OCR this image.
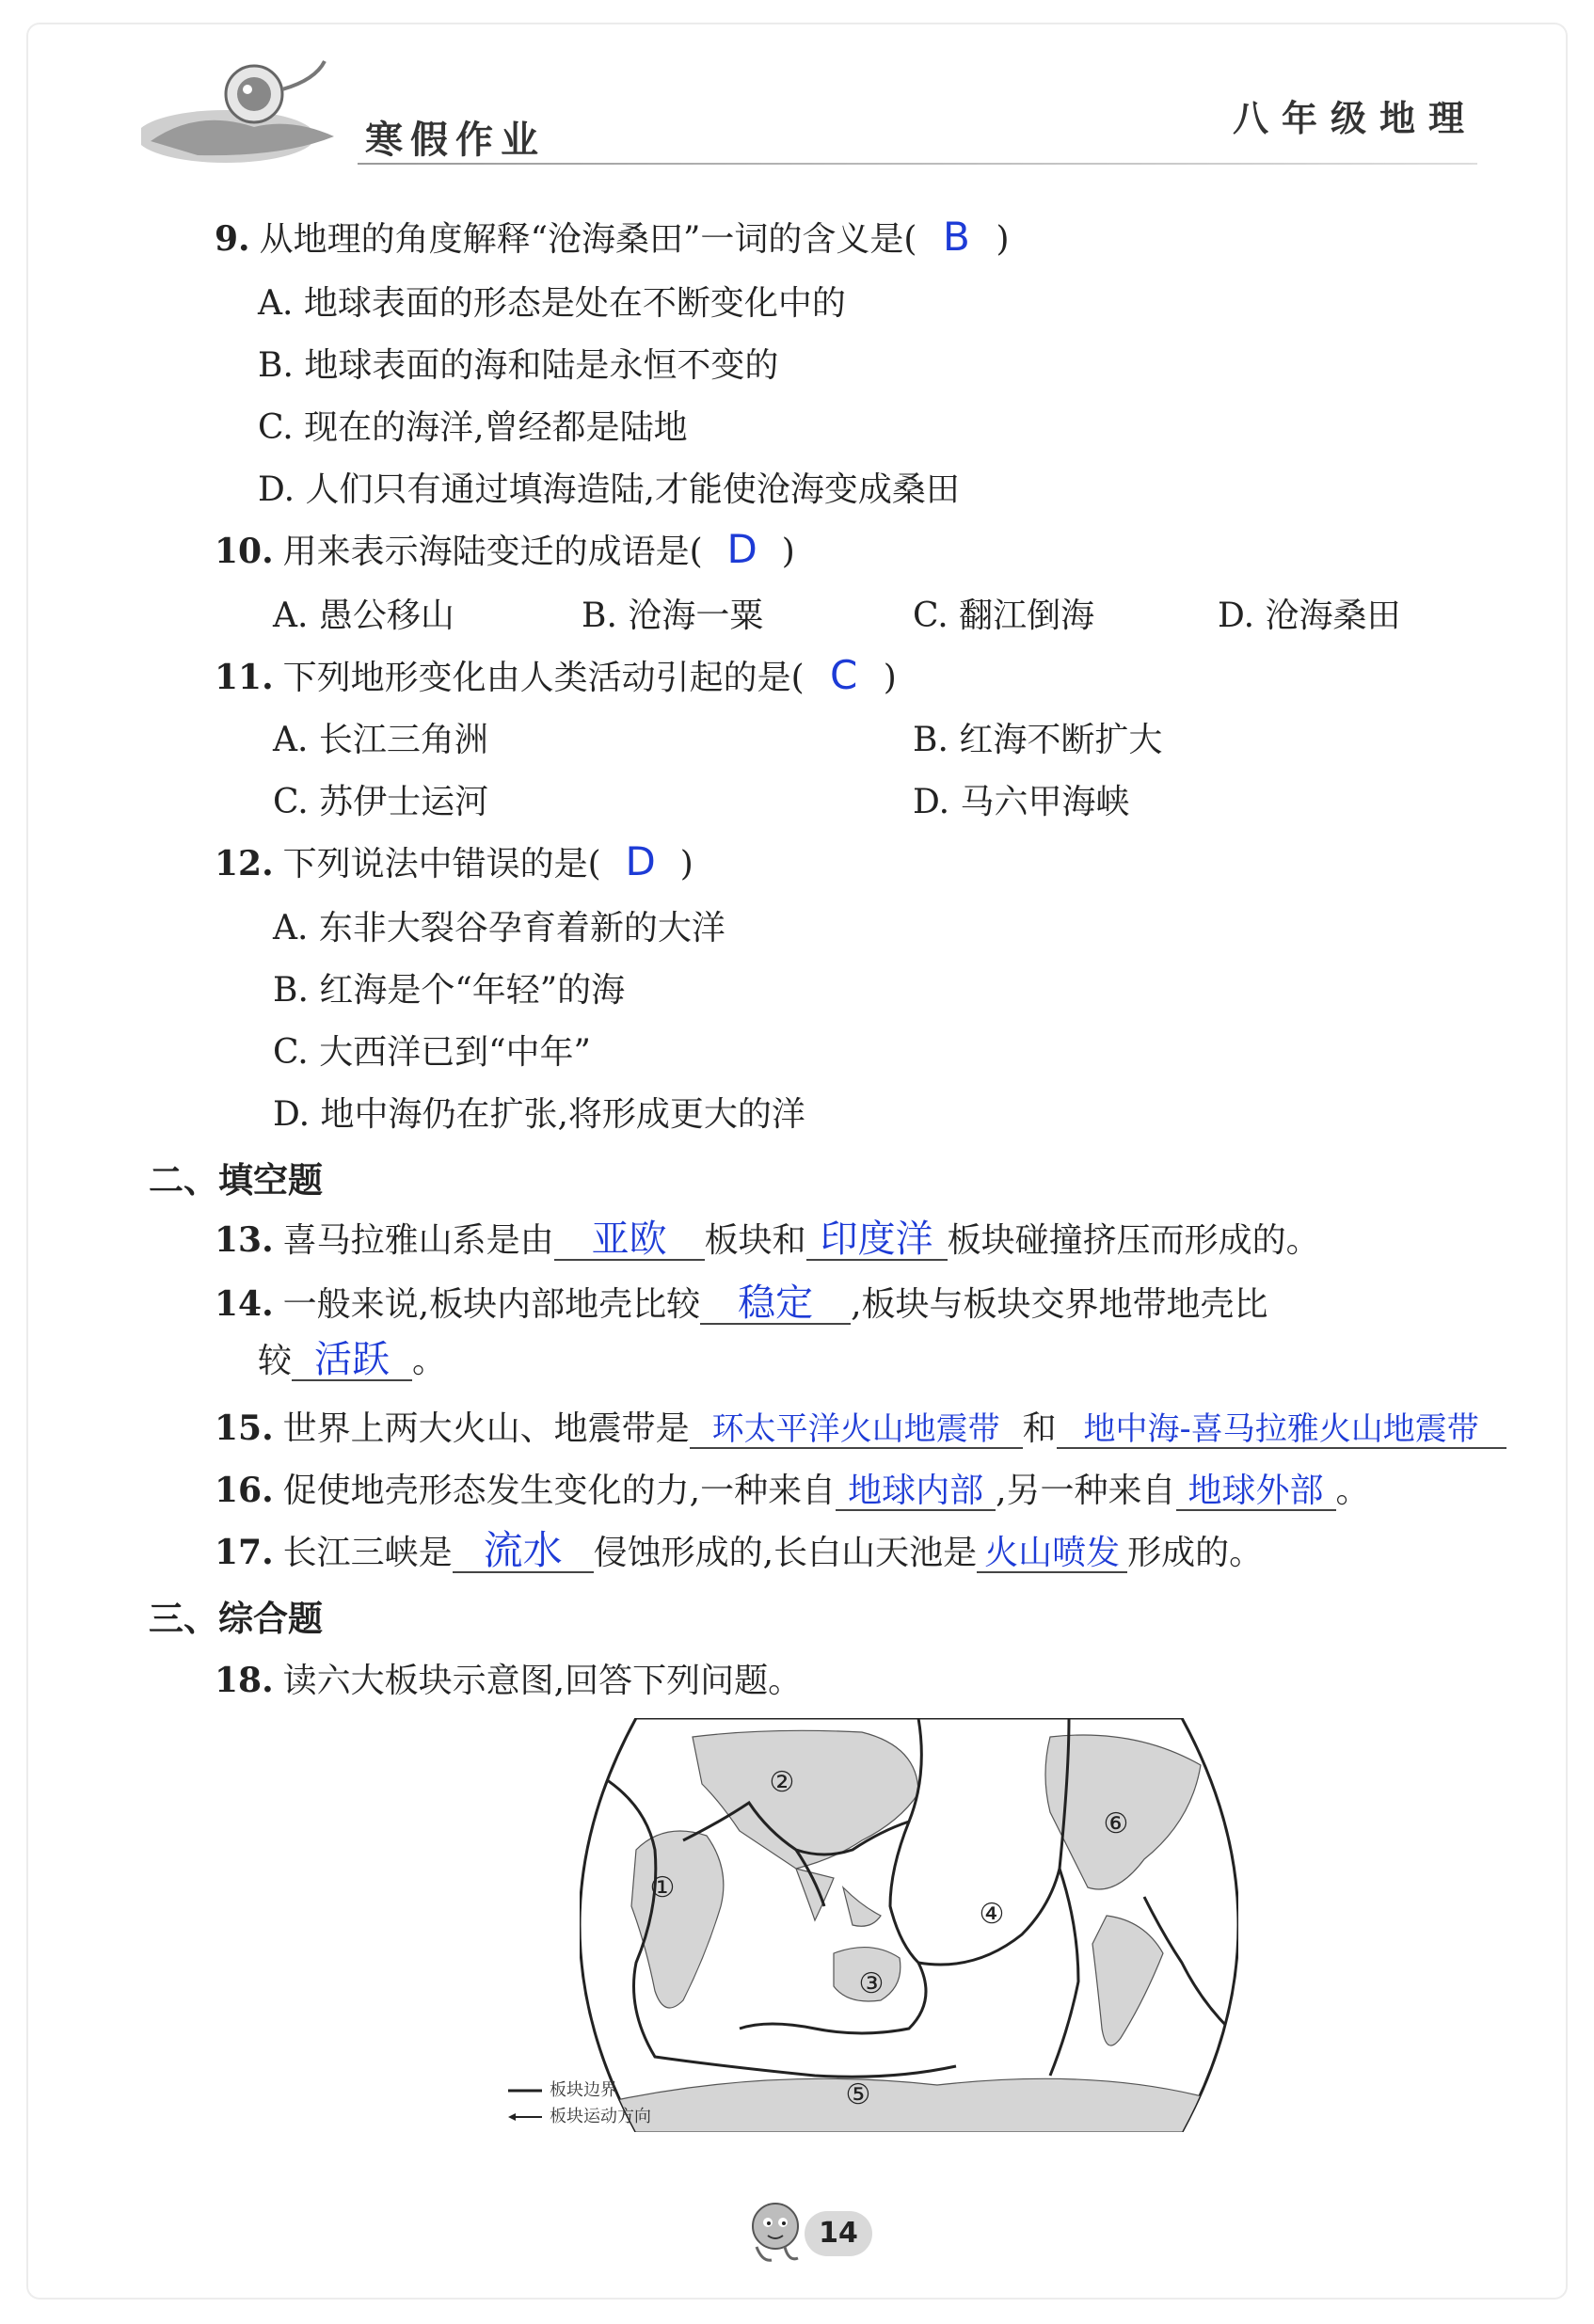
寒假作业	八年级地理
9. 从地理的角度解释“沧海桑田”一词的含义是( B )
A. 地球表面的形态是处在不断变化中的
B. 地球表面的海和陆是永恒不变的
C. 现在的海洋,曾经都是陆地
D. 人们只有通过填海造陆,才能使沧海变成桑田
10. 用来表示海陆变迁的成语是( D )
A. 愚公移山	B. 沧海一粟	C. 翻江倒海	D. 沧海桑田
11. 下列地形变化由人类活动引起的是( C )
A. 长江三角洲	B. 红海不断扩大
C. 苏伊士运河	D. 马六甲海峡
12. 下列说法中错误的是( D )
A. 东非大裂谷孕育着新的大洋
B. 红海是个“年轻”的海
C. 大西洋已到“中年”
D. 地中海仍在扩张,将形成更大的洋
二、填空题
13. 喜马拉雅山系是由 亚欧 板块和 印度洋 板块碰撞挤压而形成的。
14. 一般来说,板块内部地壳比较 稳定 ,板块与板块交界地带地壳比
较 活跃 。
15. 世界上两大火山、地震带是 环太平洋火山地震带 和 地中海-喜马拉雅火山地震带
16. 促使地壳形态发生变化的力,一种来自 地球内部 ,另一种来自 地球外部 。
17. 长江三峡是 流水 侵蚀形成的,长白山天池是 火山喷发 形成的。
三、综合题
18. 读六大板块示意图,回答下列问题。
①
②
③
④
⑤
⑥
板块边界
板块运动方向
14
